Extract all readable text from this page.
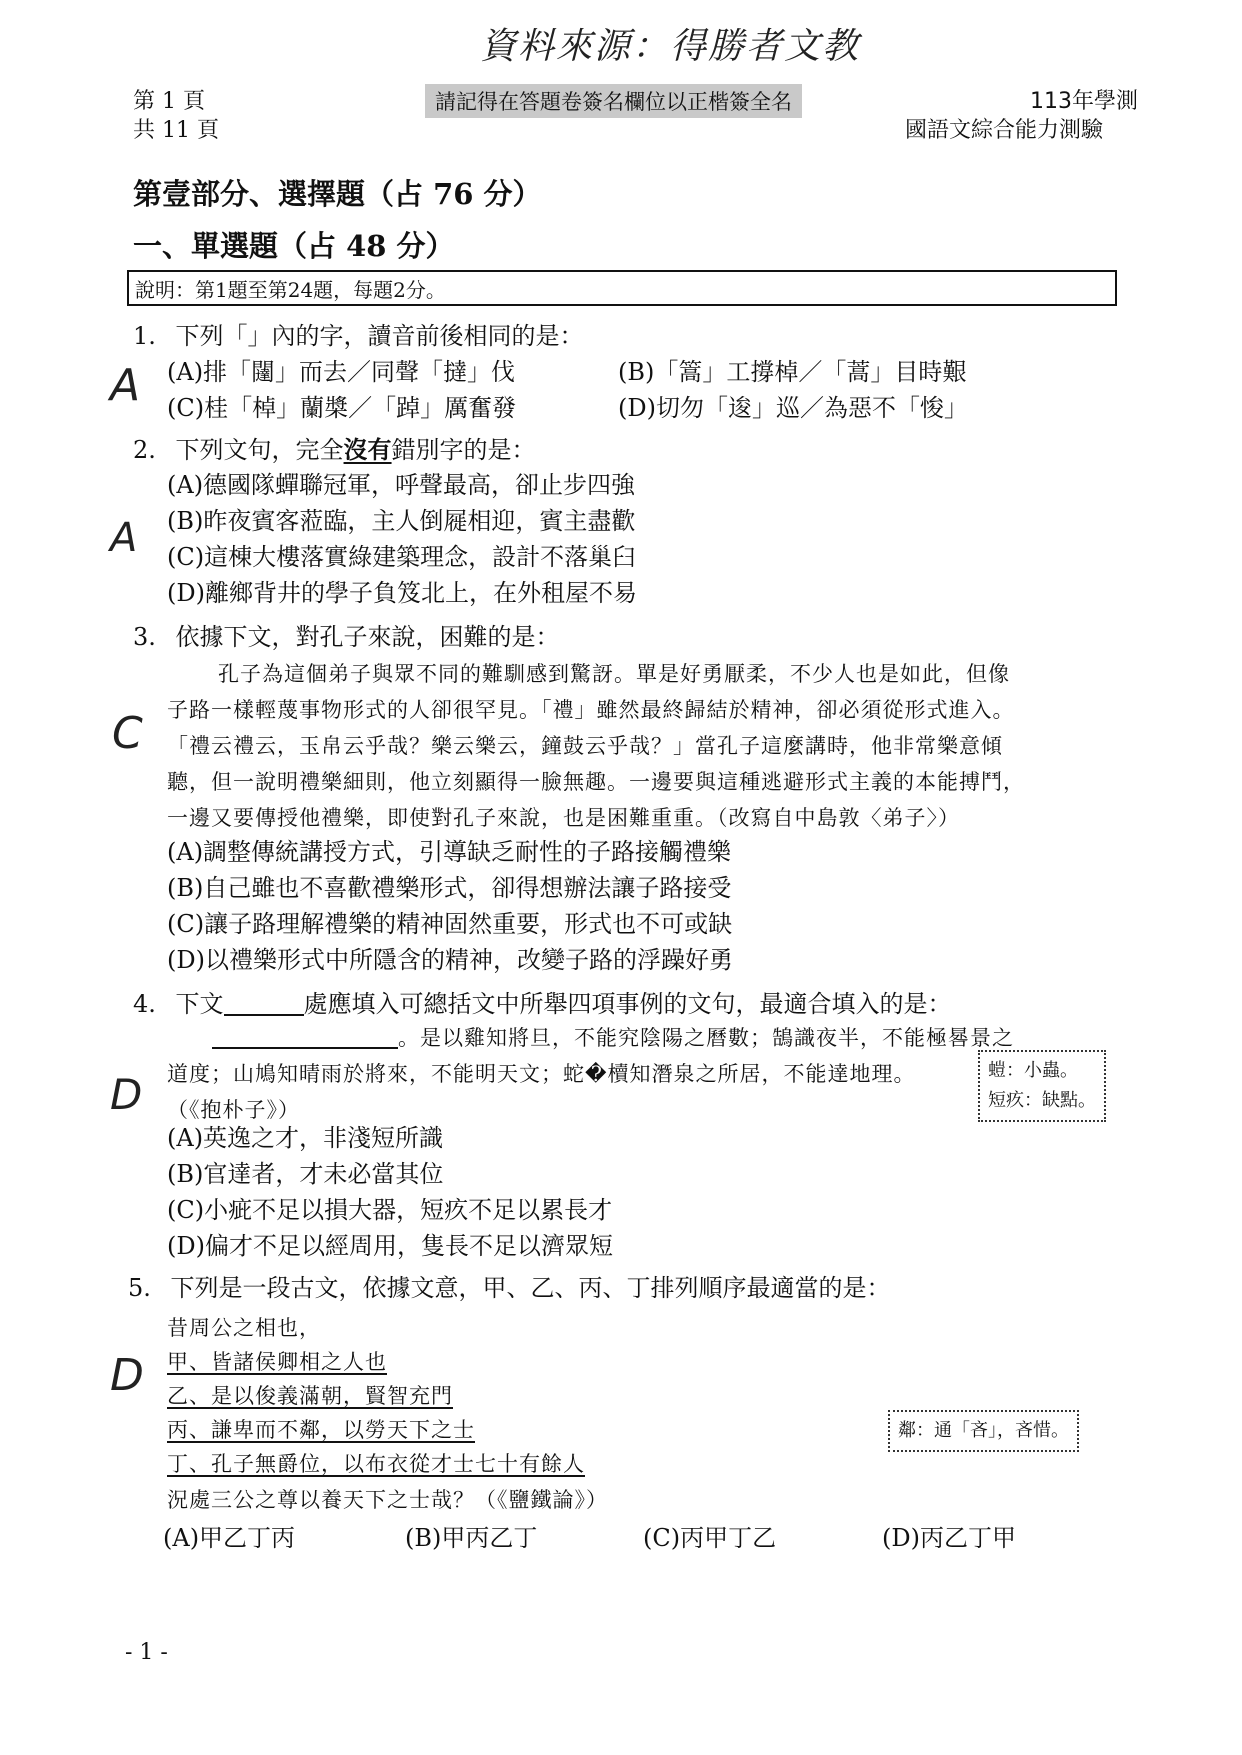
資料來源：得勝者文教
第 1 頁
共 11 頁
請記得在答題卷簽名欄位以正楷簽全名	113年學測
國語文綜合能力測驗
第壹部分、選擇題（占 76 分）
一、單選題（占 48 分）
說明：第1題至第24題，每題2分。
1. 下列「」內的字，讀音前後相同的是：
(A)排「闥」而去／同聲「撻」伐	(B)「篙」工撐棹／「蒿」目時艱
(C)桂「棹」蘭槳／「踔」厲奮發	(D)切勿「逡」巡／為惡不「悛」
A
2. 下列文句，完全沒有錯別字的是：
(A)德國隊蟬聯冠軍，呼聲最高，卻止步四強
(B)昨夜賓客蒞臨，主人倒屣相迎，賓主盡歡
(C)這棟大樓落實綠建築理念，設計不落巢臼
(D)離鄉背井的學子負笈北上，在外租屋不易
A
3. 依據下文，對孔子來說，困難的是：
孔子為這個弟子與眾不同的難馴感到驚訝。單是好勇厭柔，不少人也是如此，但像
子路一樣輕蔑事物形式的人卻很罕見。「禮」雖然最終歸結於精神，卻必須從形式進入。
「禮云禮云，玉帛云乎哉？樂云樂云，鐘鼓云乎哉？」當孔子這麼講時，他非常樂意傾
聽，但一說明禮樂細則，他立刻顯得一臉無趣。一邊要與這種逃避形式主義的本能搏鬥，
一邊又要傳授他禮樂，即使對孔子來說，也是困難重重。（改寫自中島敦〈弟子〉）
(A)調整傳統講授方式，引導缺乏耐性的子路接觸禮樂
(B)自己雖也不喜歡禮樂形式，卻得想辦法讓子路接受
(C)讓子路理解禮樂的精神固然重要，形式也不可或缺
(D)以禮樂形式中所隱含的精神，改變子路的浮躁好勇
C
4. 下文	處應填入可總括文中所舉四項事例的文句，最適合填入的是：
。是以雞知將旦，不能究陰陽之曆數；鵠識夜半，不能極晷景之
道度；山鳩知晴雨於將來，不能明天文；蛇�櫝知潛泉之所居，不能達地理。
（《抱朴子》）
螘：小蟲。
短疚：缺點。
(A)英逸之才，非淺短所識
(B)官達者，才未必當其位
(C)小疵不足以損大器，短疚不足以累長才
(D)偏才不足以經周用，隻長不足以濟眾短
D
5. 下列是一段古文，依據文意，甲、乙、丙、丁排列順序最適當的是：
昔周公之相也，
甲、皆諸侯卿相之人也
乙、是以俊義滿朝，賢智充門
丙、謙卑而不鄰，以勞天下之士
丁、孔子無爵位，以布衣從才士七十有餘人
況處三公之尊以養天下之士哉？（《鹽鐵論》）
鄰：通「吝」，吝惜。
(A)甲乙丁丙	(B)甲丙乙丁	(C)丙甲丁乙	(D)丙乙丁甲
D
- 1 -
